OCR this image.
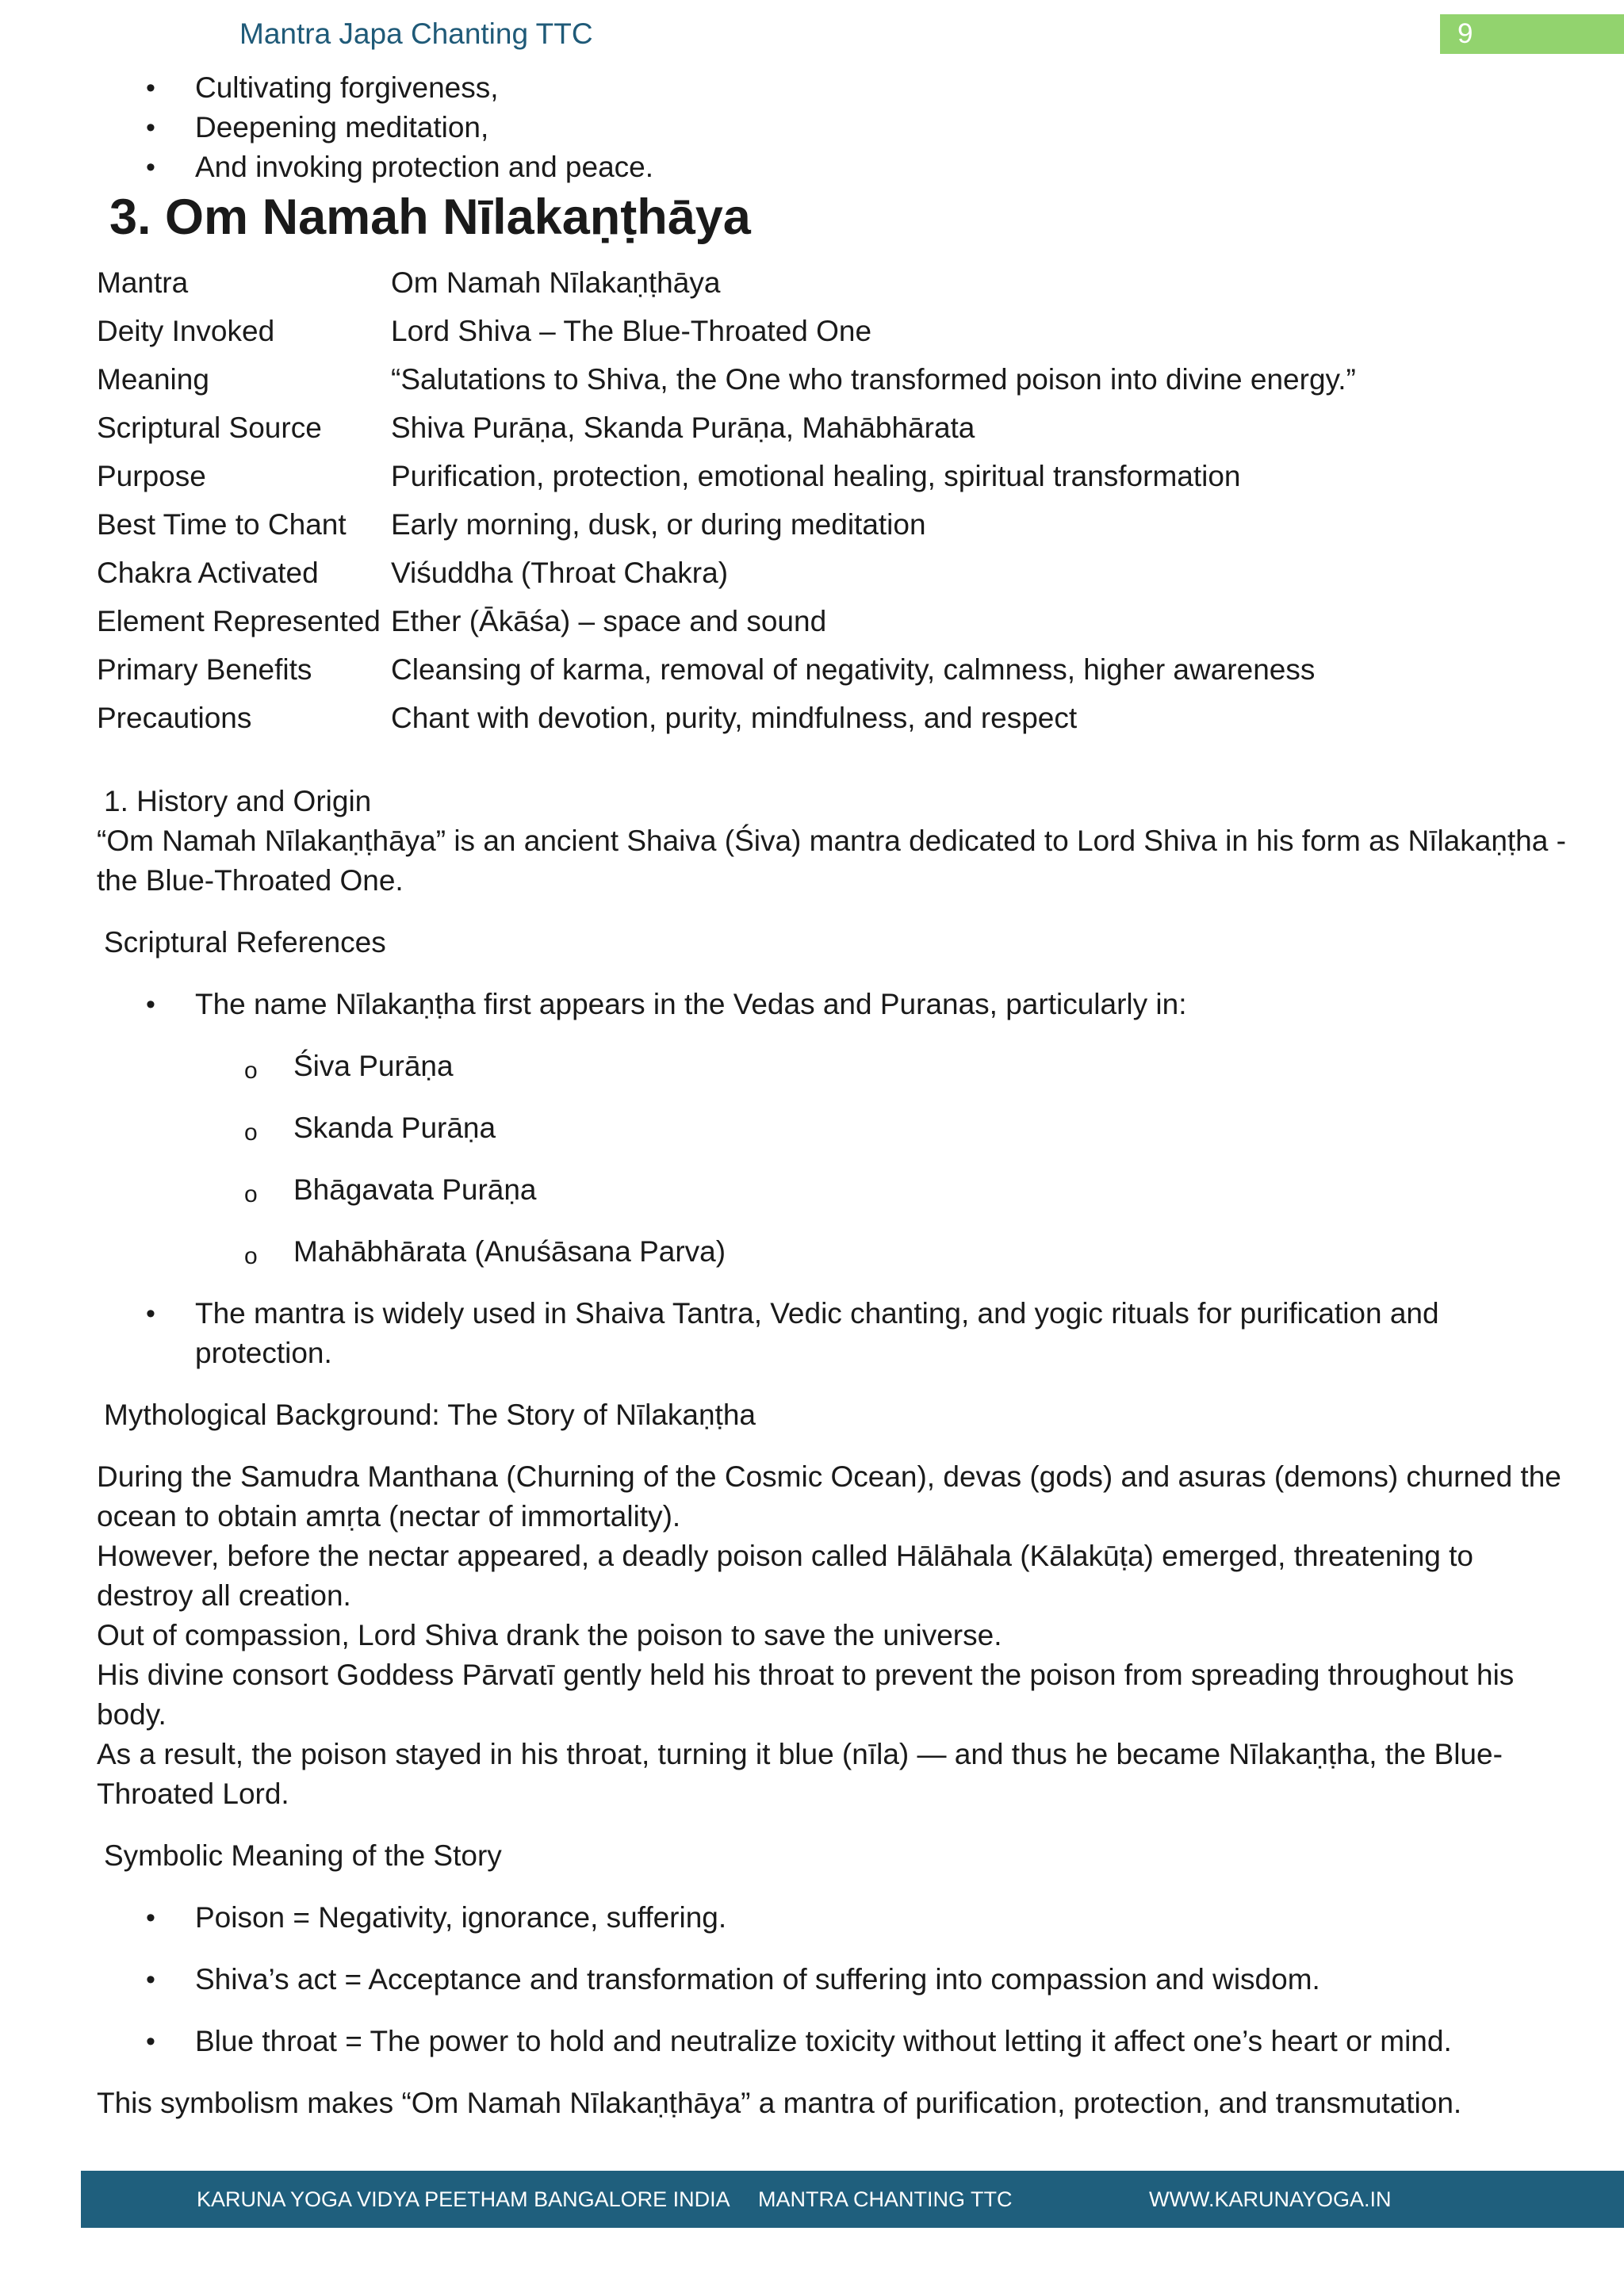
Mantra Japa Chanting TTC	9
• Cultivating forgiveness,
• Deepening meditation,
• And invoking protection and peace.
3. Om Namah Nīlakaṇṭhāya
Mantra	Om Namah Nīlakaṇṭhāya
Deity Invoked	Lord Shiva – The Blue-Throated One
Meaning	“Salutations to Shiva, the One who transformed poison into divine energy.”
Scriptural Source	Shiva Purāṇa, Skanda Purāṇa, Mahābhārata
Purpose	Purification, protection, emotional healing, spiritual transformation
Best Time to Chant	Early morning, dusk, or during meditation
Chakra Activated	Viśuddha (Throat Chakra)
Element Represented	Ether (Ākāśa) – space and sound
Primary Benefits	Cleansing of karma, removal of negativity, calmness, higher awareness
Precautions	Chant with devotion, purity, mindfulness, and respect
1. History and Origin

“Om Namah Nīlakaṇṭhāya” is an ancient Shaiva (Śiva) mantra dedicated to Lord Shiva in his form as Nīlakaṇṭha - the Blue-Throated One.

Scriptural References
• The name Nīlakaṇṭha first appears in the Vedas and Puranas, particularly in:
o Śiva Purāṇa
o Skanda Purāṇa
o Bhāgavata Purāṇa
o Mahābhārata (Anuśāsana Parva)
• The mantra is widely used in Shaiva Tantra, Vedic chanting, and yogic rituals for purification and protection.
Mythological Background: The Story of Nīlakaṇṭha
During the Samudra Manthana (Churning of the Cosmic Ocean), devas (gods) and asuras (demons) churned the ocean to obtain amṛta (nectar of immortality).
However, before the nectar appeared, a deadly poison called Hālāhala (Kālakūṭa) emerged, threatening to destroy all creation.
Out of compassion, Lord Shiva drank the poison to save the universe.
His divine consort Goddess Pārvatī gently held his throat to prevent the poison from spreading throughout his body.
As a result, the poison stayed in his throat, turning it blue (nīla) — and thus he became Nīlakaṇṭha, the Blue-Throated Lord.
Symbolic Meaning of the Story
• Poison = Negativity, ignorance, suffering.
• Shiva’s act = Acceptance and transformation of suffering into compassion and wisdom.
• Blue throat = The power to hold and neutralize toxicity without letting it affect one’s heart or mind.

This symbolism makes “Om Namah Nīlakaṇṭhāya” a mantra of purification, protection, and transmutation.

KARUNA YOGA VIDYA PEETHAM BANGALORE INDIA MANTRA CHANTING TTC	WWW.KARUNAYOGA.IN
